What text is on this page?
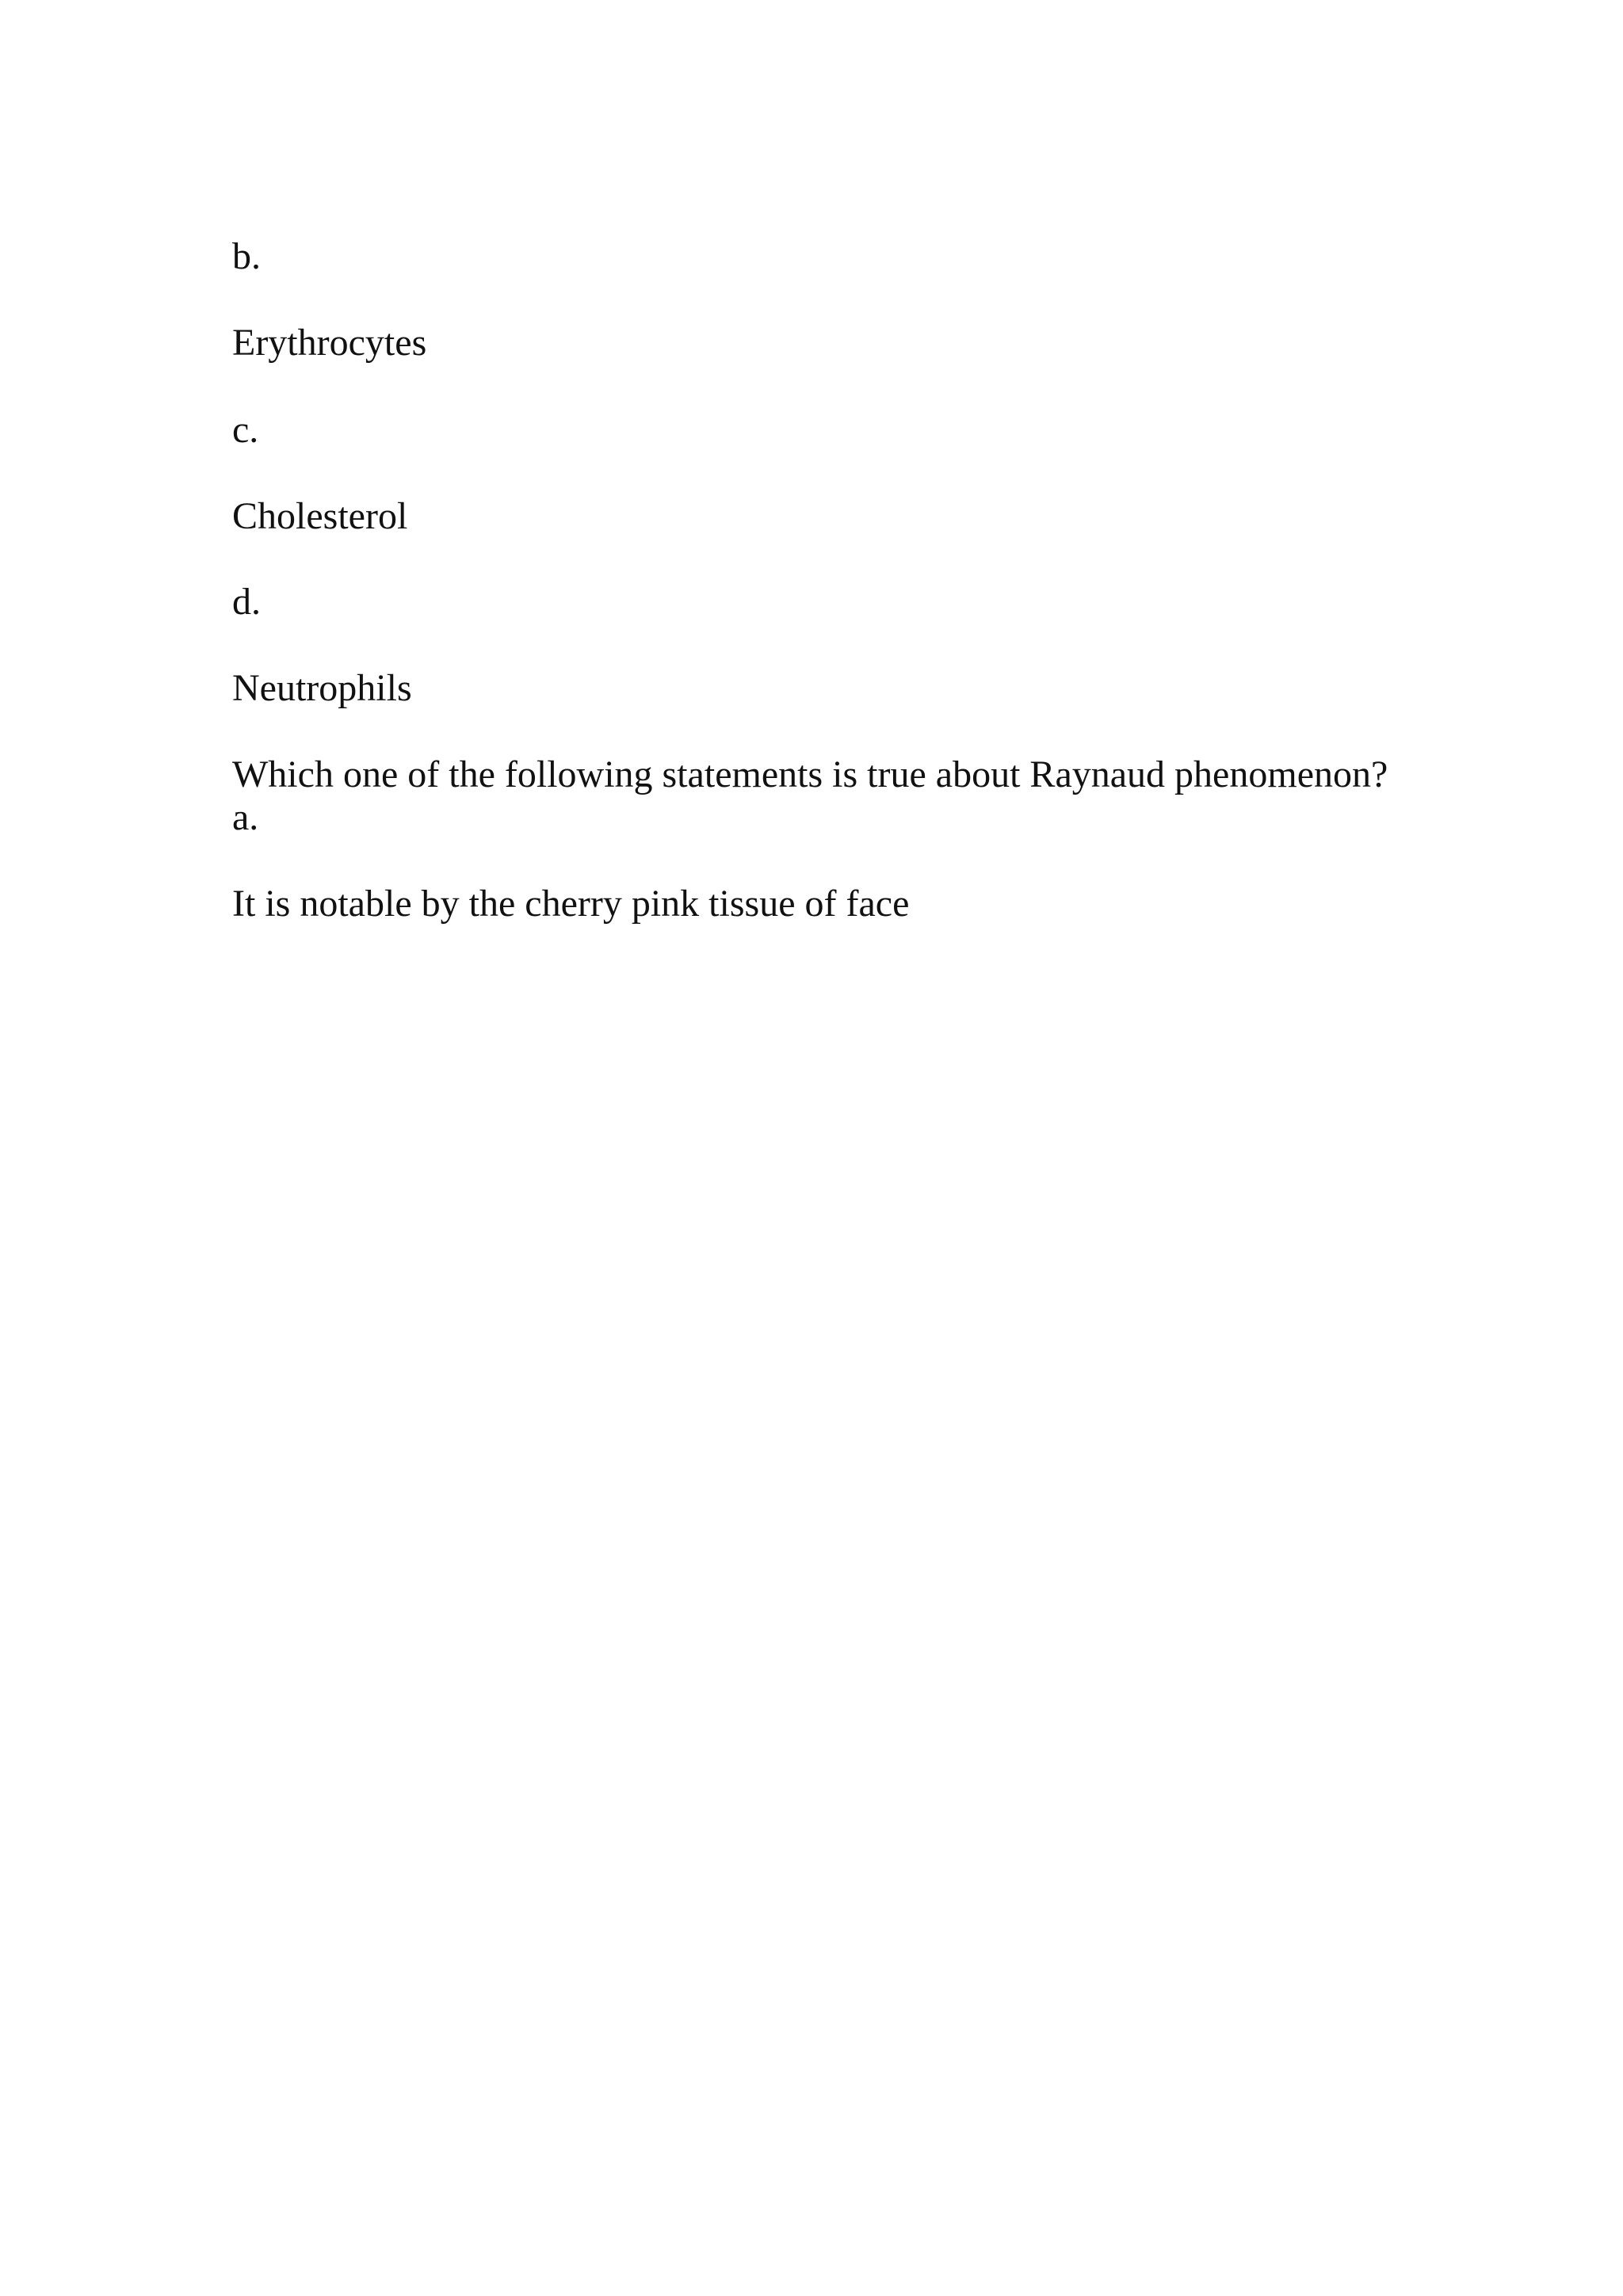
b.
Erythrocytes
c.
Cholesterol
d.
Neutrophils
Which one of the following statements is true about Raynaud phenomenon?
a.
It is notable by the cherry pink tissue of face
